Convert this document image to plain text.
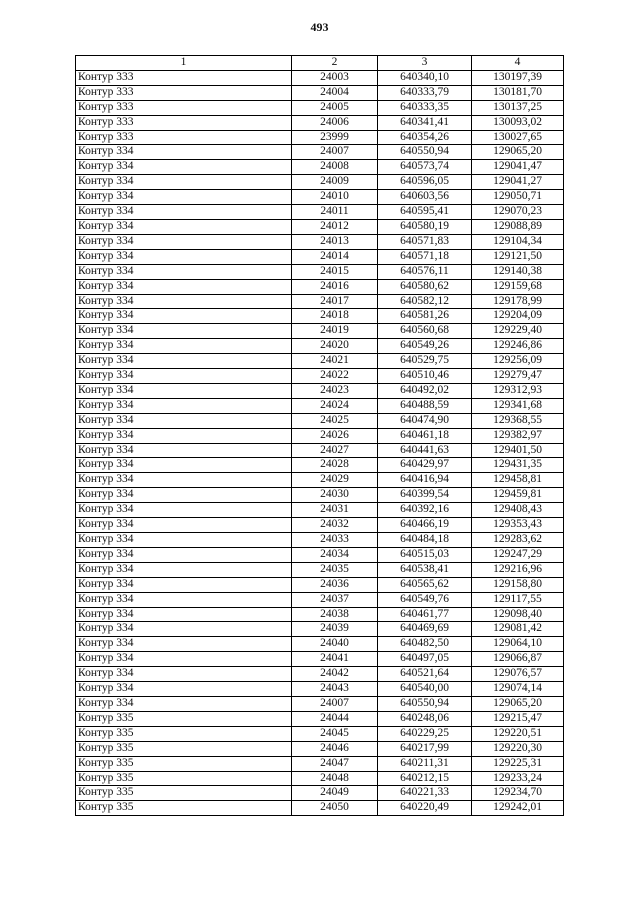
493
1	2	3	4
Контур 333	24003	640340,10	130197,39
Контур 333	24004	640333,79	130181,70
Контур 333	24005	640333,35	130137,25
Контур 333	24006	640341,41	130093,02
Контур 333	23999	640354,26	130027,65
Контур 334	24007	640550,94	129065,20
Контур 334	24008	640573,74	129041,47
Контур 334	24009	640596,05	129041,27
Контур 334	24010	640603,56	129050,71
Контур 334	24011	640595,41	129070,23
Контур 334	24012	640580,19	129088,89
Контур 334	24013	640571,83	129104,34
Контур 334	24014	640571,18	129121,50
Контур 334	24015	640576,11	129140,38
Контур 334	24016	640580,62	129159,68
Контур 334	24017	640582,12	129178,99
Контур 334	24018	640581,26	129204,09
Контур 334	24019	640560,68	129229,40
Контур 334	24020	640549,26	129246,86
Контур 334	24021	640529,75	129256,09
Контур 334	24022	640510,46	129279,47
Контур 334	24023	640492,02	129312,93
Контур 334	24024	640488,59	129341,68
Контур 334	24025	640474,90	129368,55
Контур 334	24026	640461,18	129382,97
Контур 334	24027	640441,63	129401,50
Контур 334	24028	640429,97	129431,35
Контур 334	24029	640416,94	129458,81
Контур 334	24030	640399,54	129459,81
Контур 334	24031	640392,16	129408,43
Контур 334	24032	640466,19	129353,43
Контур 334	24033	640484,18	129283,62
Контур 334	24034	640515,03	129247,29
Контур 334	24035	640538,41	129216,96
Контур 334	24036	640565,62	129158,80
Контур 334	24037	640549,76	129117,55
Контур 334	24038	640461,77	129098,40
Контур 334	24039	640469,69	129081,42
Контур 334	24040	640482,50	129064,10
Контур 334	24041	640497,05	129066,87
Контур 334	24042	640521,64	129076,57
Контур 334	24043	640540,00	129074,14
Контур 334	24007	640550,94	129065,20
Контур 335	24044	640248,06	129215,47
Контур 335	24045	640229,25	129220,51
Контур 335	24046	640217,99	129220,30
Контур 335	24047	640211,31	129225,31
Контур 335	24048	640212,15	129233,24
Контур 335	24049	640221,33	129234,70
Контур 335	24050	640220,49	129242,01
